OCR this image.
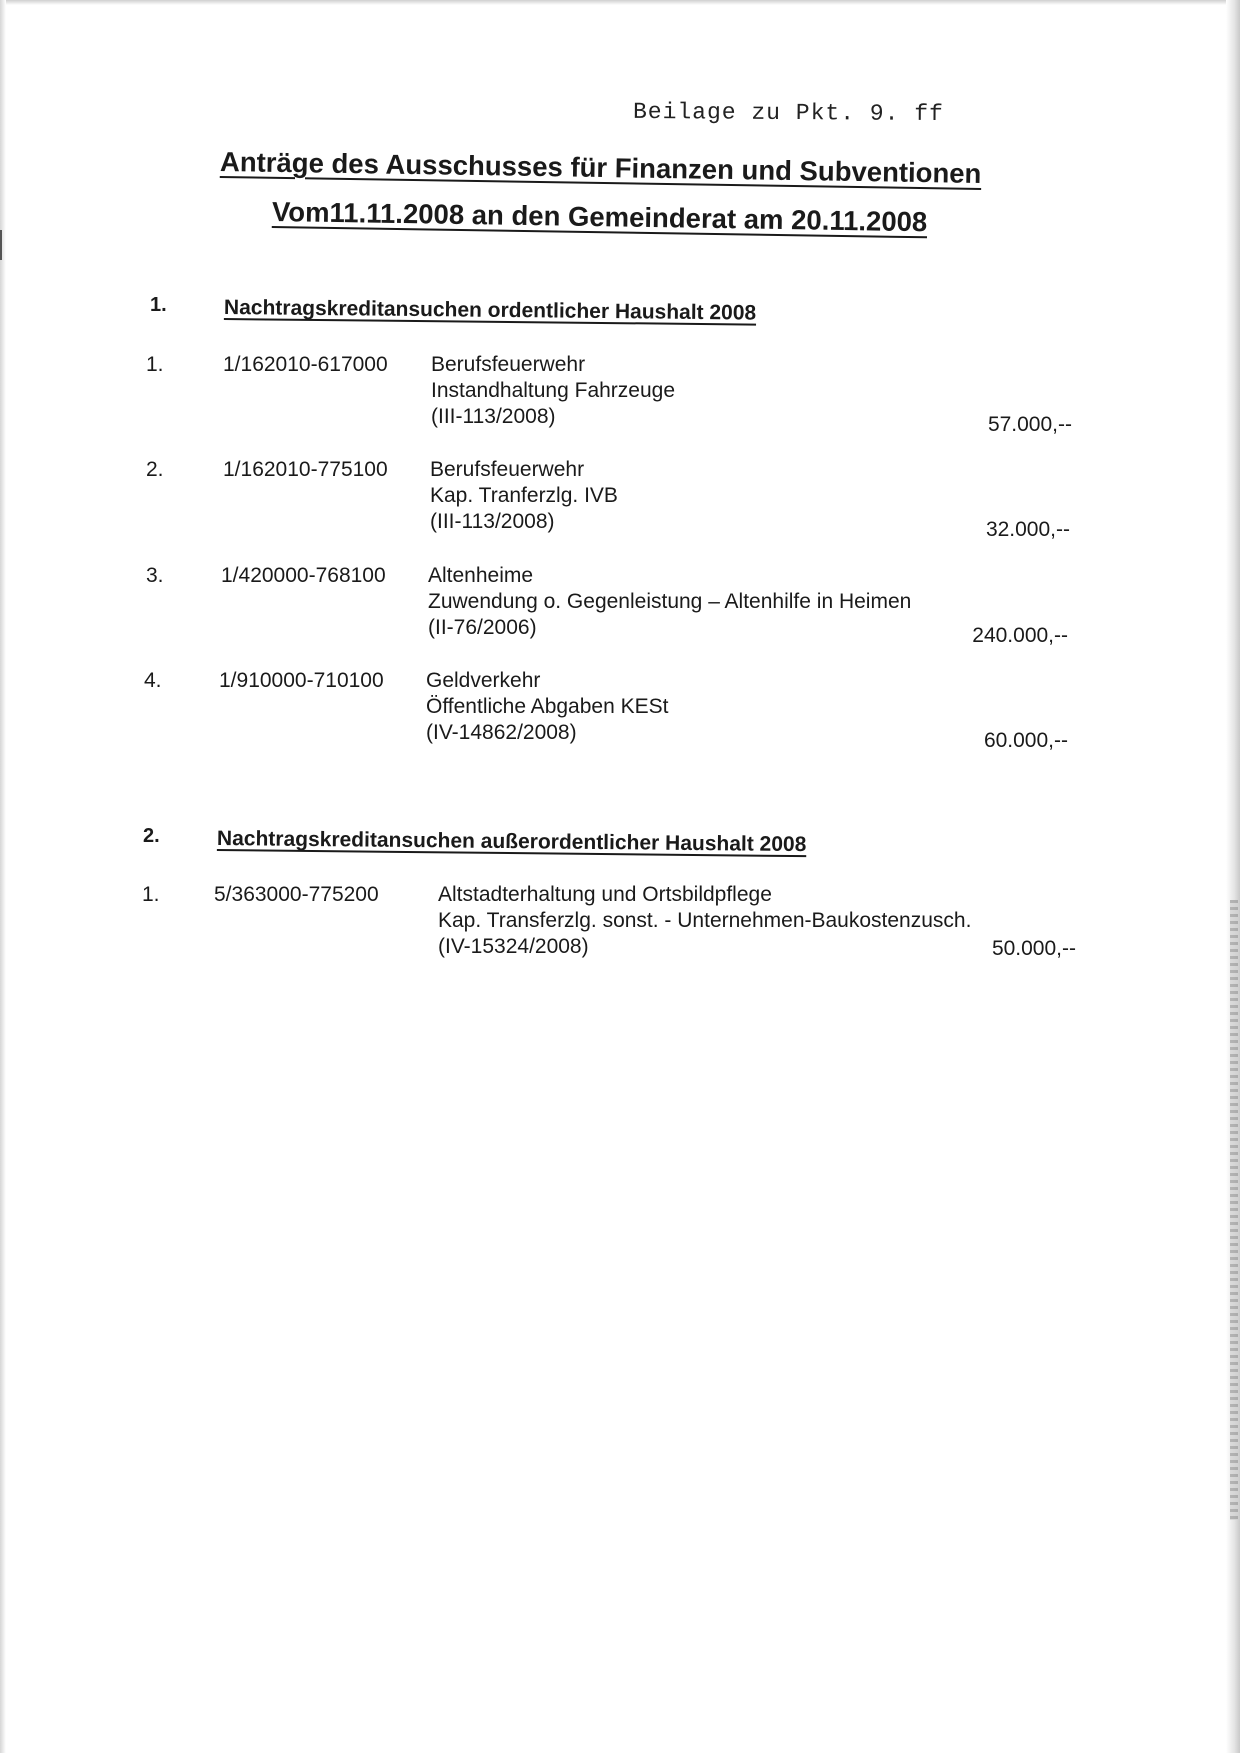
Beilage zu Pkt. 9. ff
Anträge des Ausschusses für Finanzen und Subventionen
Vom11.11.2008 an den Gemeinderat am 20.11.2008
1.	Nachtragskreditansuchen ordentlicher Haushalt 2008
1.	1/162010-617000 Berufsfeuerwehr
Instandhaltung Fahrzeuge
(III-113/2008)	57.000,--
2.	1/162010-775100 Berufsfeuerwehr
Kap. Tranferzlg. IVB
(III-113/2008)	32.000,--
3.	1/420000-768100 Altenheime
Zuwendung o. Gegenleistung – Altenhilfe in Heimen
(II-76/2006)	240.000,--
4.	1/910000-710100 Geldverkehr
Öffentliche Abgaben KESt
(IV-14862/2008)	60.000,--
2.	Nachtragskreditansuchen außerordentlicher Haushalt 2008
1.	5/363000-775200	Altstadterhaltung und Ortsbildpflege
Kap. Transferzlg. sonst. - Unternehmen-Baukostenzusch.
(IV-15324/2008)	50.000,--
